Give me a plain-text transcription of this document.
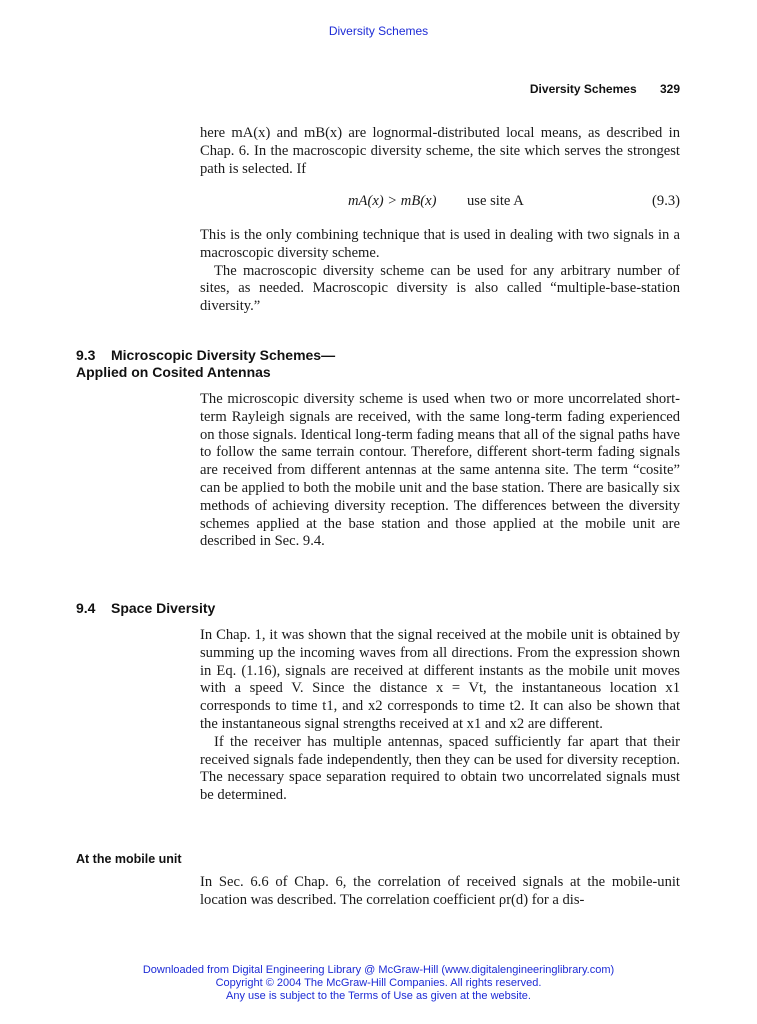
Diversity Schemes
Diversity Schemes 329

here mA(x) and mB(x) are lognormal-distributed local means, as described in Chap. 6. In the macroscopic diversity scheme, the site which serves the strongest path is selected. If

mA(x) > mB(x) use site A	(9.3)

This is the only combining technique that is used in dealing with two signals in a macroscopic diversity scheme.

The macroscopic diversity scheme can be used for any arbitrary number of sites, as needed. Macroscopic diversity is also called “multiple-base-station diversity.”

9.3 Microscopic Diversity Schemes—
Applied on Cosited Antennas

The microscopic diversity scheme is used when two or more uncorrelated short-term Rayleigh signals are received, with the same long-term fading experienced on those signals. Identical long-term fading means that all of the signal paths have to follow the same terrain contour. Therefore, different short-term fading signals are received from different antennas at the same antenna site. The term “cosite” can be applied to both the mobile unit and the base station. There are basically six methods of achieving diversity reception. The differences between the diversity schemes applied at the base station and those applied at the mobile unit are described in Sec. 9.4.

9.4 Space Diversity

In Chap. 1, it was shown that the signal received at the mobile unit is obtained by summing up the incoming waves from all directions. From the expression shown in Eq. (1.16), signals are received at different instants as the mobile unit moves with a speed V. Since the distance x = Vt, the instantaneous location x1 corresponds to time t1, and x2 corresponds to time t2. It can also be shown that the instantaneous signal strengths received at x1 and x2 are different.

If the receiver has multiple antennas, spaced sufficiently far apart that their received signals fade independently, then they can be used for diversity reception. The necessary space separation required to obtain two uncorrelated signals must be determined.

At the mobile unit

In Sec. 6.6 of Chap. 6, the correlation of received signals at the mobile-unit location was described. The correlation coefficient ρr(d) for a dis-

Downloaded from Digital Engineering Library @ McGraw-Hill (www.digitalengineeringlibrary.com)
Copyright © 2004 The McGraw-Hill Companies. All rights reserved.
Any use is subject to the Terms of Use as given at the website.
